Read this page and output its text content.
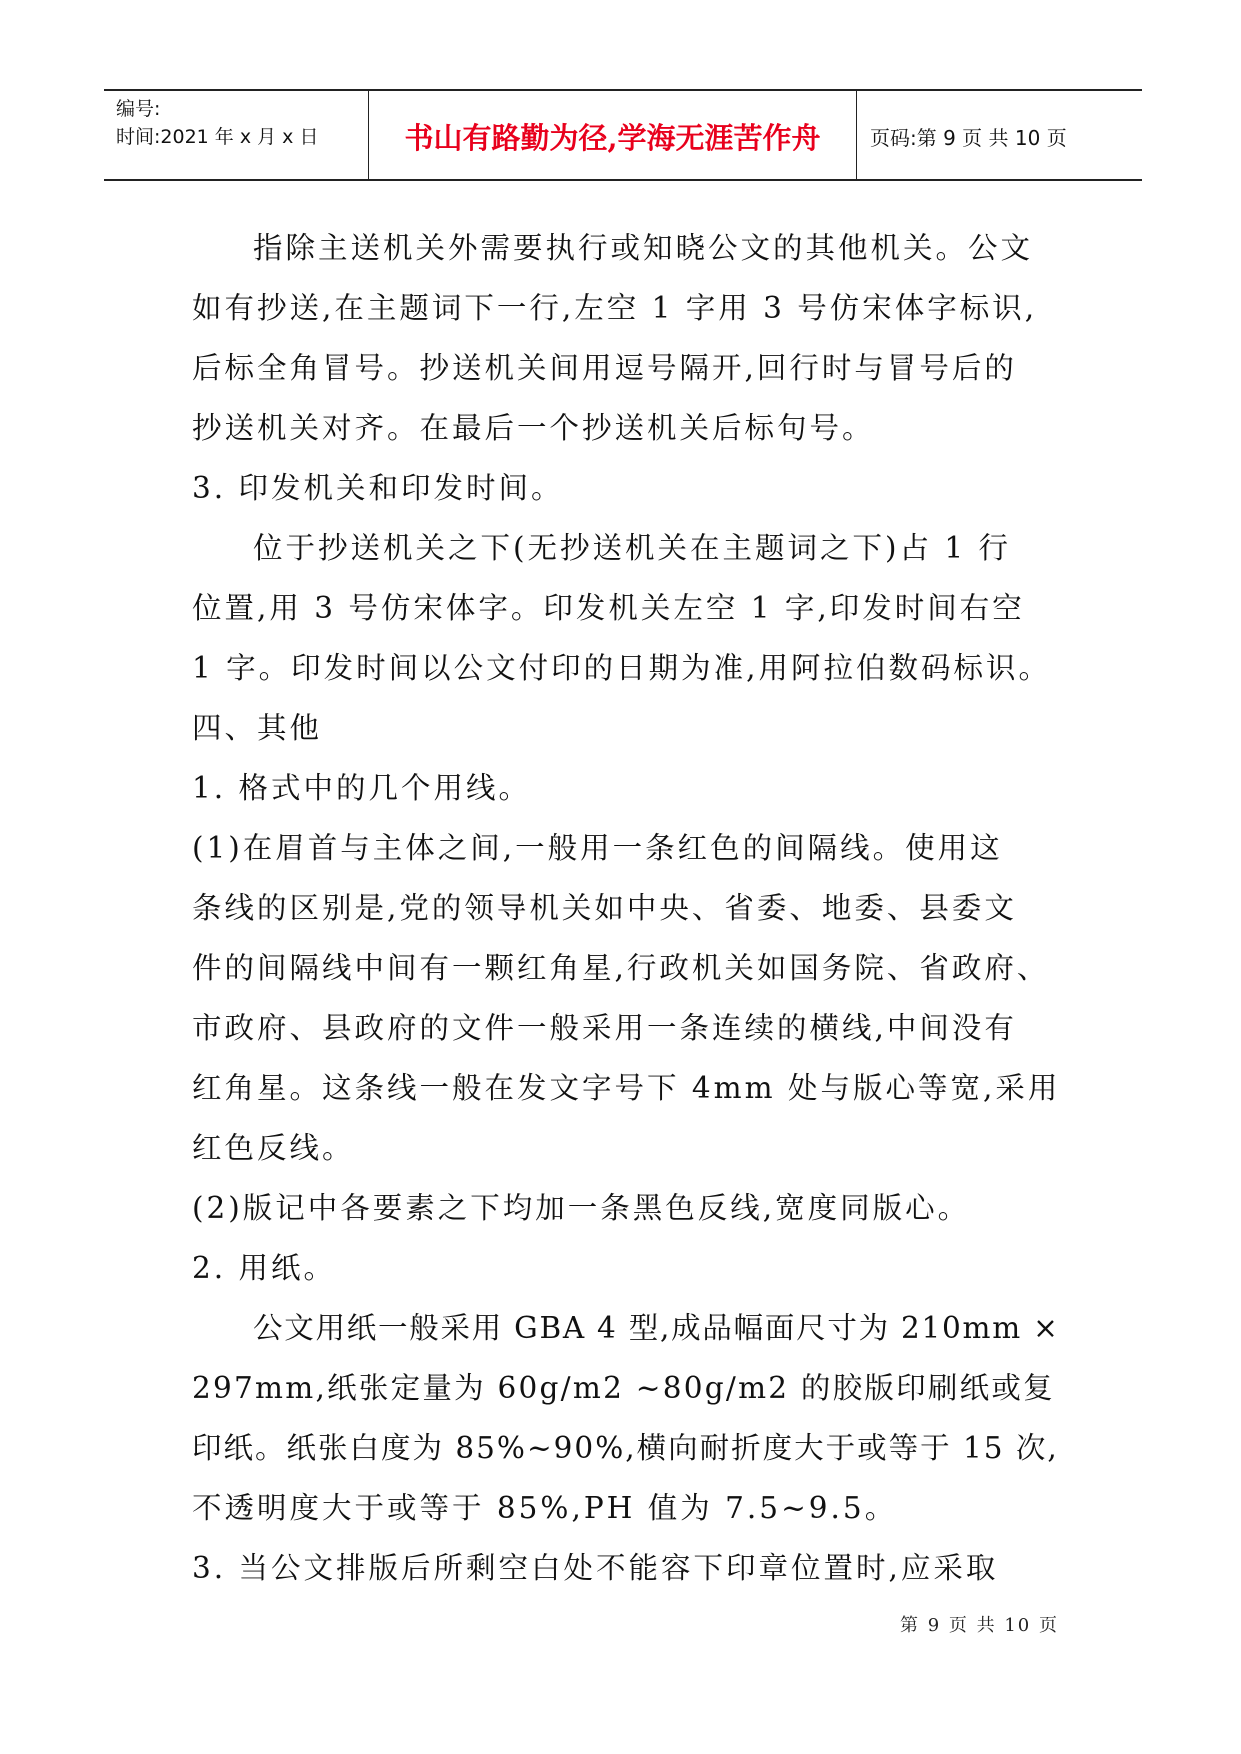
编号:
时间:2021 年 x 月 x 日	书山有路勤为径,学海无涯苦作舟	页码:第 9 页 共 10 页
指除主送机关外需要执行或知晓公文的其他机关。公文
如有抄送,在主题词下一行,左空 1 字用 3 号仿宋体字标识,
后标全角冒号。抄送机关间用逗号隔开,回行时与冒号后的
抄送机关对齐。在最后一个抄送机关后标句号。
3. 印发机关和印发时间。
位于抄送机关之下(无抄送机关在主题词之下)占 1 行
位置,用 3 号仿宋体字。印发机关左空 1 字,印发时间右空
1 字。印发时间以公文付印的日期为准,用阿拉伯数码标识。
四、其他
1. 格式中的几个用线。
(1)在眉首与主体之间,一般用一条红色的间隔线。使用这
条线的区别是,党的领导机关如中央、省委、地委、县委文
件的间隔线中间有一颗红角星,行政机关如国务院、省政府、
市政府、县政府的文件一般采用一条连续的横线,中间没有
红角星。这条线一般在发文字号下 4mm 处与版心等宽,采用
红色反线。
(2)版记中各要素之下均加一条黑色反线,宽度同版心。
2. 用纸。
公文用纸一般采用 GBA 4 型,成品幅面尺寸为 210mm ×
297mm,纸张定量为 60g/m2 ~80g/m2 的胶版印刷纸或复
印纸。纸张白度为 85%~90%,横向耐折度大于或等于 15 次,
不透明度大于或等于 85%,PH 值为 7.5~9.5。
3. 当公文排版后所剩空白处不能容下印章位置时,应采取
第 9 页 共 10 页
